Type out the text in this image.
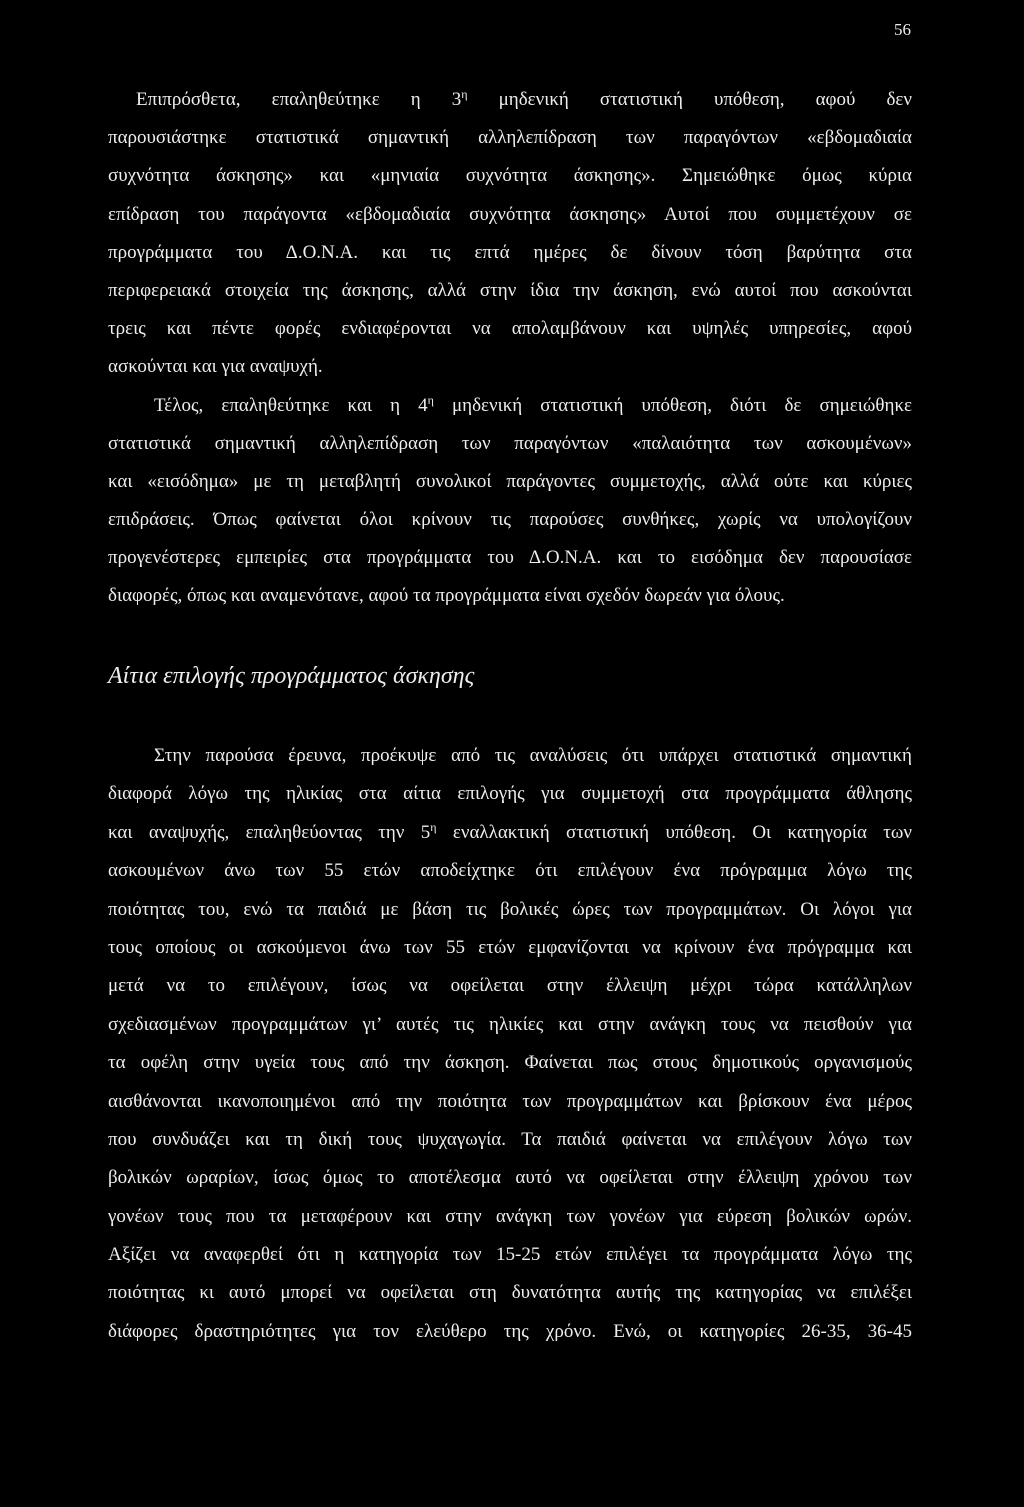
56
Επιπρόσθετα, επαληθεύτηκε η $3^\eta$ μηδενική στατιστική υπόθεση, αφού δεν
παρουσιάστηκε στατιστικά σημαντική αλληλεπίδραση των παραγόντων «εβδομαδιαία
συχνότητα άσκησης» και «μηνιαία συχνότητα άσκησης». Σημειώθηκε όμως κύρια
επίδραση του παράγοντα «εβδομαδιαία συχνότητα άσκησης» Αυτοί που συμμετέχουν σε
προγράμματα του Δ.Ο.Ν.Α. και τις επτά ημέρες δε δίνουν τόση βαρύτητα στα
περιφερειακά στοιχεία της άσκησης, αλλά στην ίδια την άσκηση, ενώ αυτοί που ασκούνται
τρεις και πέντε φορές ενδιαφέρονται να απολαμβάνουν και υψηλές υπηρεσίες, αφού
ασκούνται και για αναψυχή.
Τέλος, επαληθεύτηκε και η $4^\eta$ μηδενική στατιστική υπόθεση, διότι δε σημειώθηκε
στατιστικά σημαντική αλληλεπίδραση των παραγόντων «παλαιότητα των ασκουμένων»
και «εισόδημα» με τη μεταβλητή συνολικοί παράγοντες συμμετοχής, αλλά ούτε και κύριες
επιδράσεις. Όπως φαίνεται όλοι κρίνουν τις παρούσες συνθήκες, χωρίς να υπολογίζουν
προγενέστερες εμπειρίες στα προγράμματα του Δ.Ο.Ν.Α. και το εισόδημα δεν παρουσίασε
διαφορές, όπως και αναμενότανε, αφού τα προγράμματα είναι σχεδόν δωρεάν για όλους.
Αίτια επιλογής προγράμματος άσκησης
Στην παρούσα έρευνα, προέκυψε από τις αναλύσεις ότι υπάρχει στατιστικά σημαντική
διαφορά λόγω της ηλικίας στα αίτια επιλογής για συμμετοχή στα προγράμματα άθλησης
και αναψυχής, επαληθεύοντας την $5^\eta$ εναλλακτική στατιστική υπόθεση. Οι κατηγορία των
ασκουμένων άνω των 55 ετών αποδείχτηκε ότι επιλέγουν ένα πρόγραμμα λόγω της
ποιότητας του, ενώ τα παιδιά με βάση τις βολικές ώρες των προγραμμάτων. Οι λόγοι για
τους οποίους οι ασκούμενοι άνω των 55 ετών εμφανίζονται να κρίνουν ένα πρόγραμμα και
μετά να το επιλέγουν, ίσως να οφείλεται στην έλλειψη μέχρι τώρα κατάλληλων
σχεδιασμένων προγραμμάτων γι’ αυτές τις ηλικίες και στην ανάγκη τους να πεισθούν για
τα οφέλη στην υγεία τους από την άσκηση. Φαίνεται πως στους δημοτικούς οργανισμούς
αισθάνονται ικανοποιημένοι από την ποιότητα των προγραμμάτων και βρίσκουν ένα μέρος
που συνδυάζει και τη δική τους ψυχαγωγία. Τα παιδιά φαίνεται να επιλέγουν λόγω των
βολικών ωραρίων, ίσως όμως το αποτέλεσμα αυτό να οφείλεται στην έλλειψη χρόνου των
γονέων τους που τα μεταφέρουν και στην ανάγκη των γονέων για εύρεση βολικών ωρών.
Αξίζει να αναφερθεί ότι η κατηγορία των 15-25 ετών επιλέγει τα προγράμματα λόγω της
ποιότητας κι αυτό μπορεί να οφείλεται στη δυνατότητα αυτής της κατηγορίας να επιλέξει
διάφορες δραστηριότητες για τον ελεύθερο της χρόνο. Ενώ, οι κατηγορίες 26-35, 36-45
